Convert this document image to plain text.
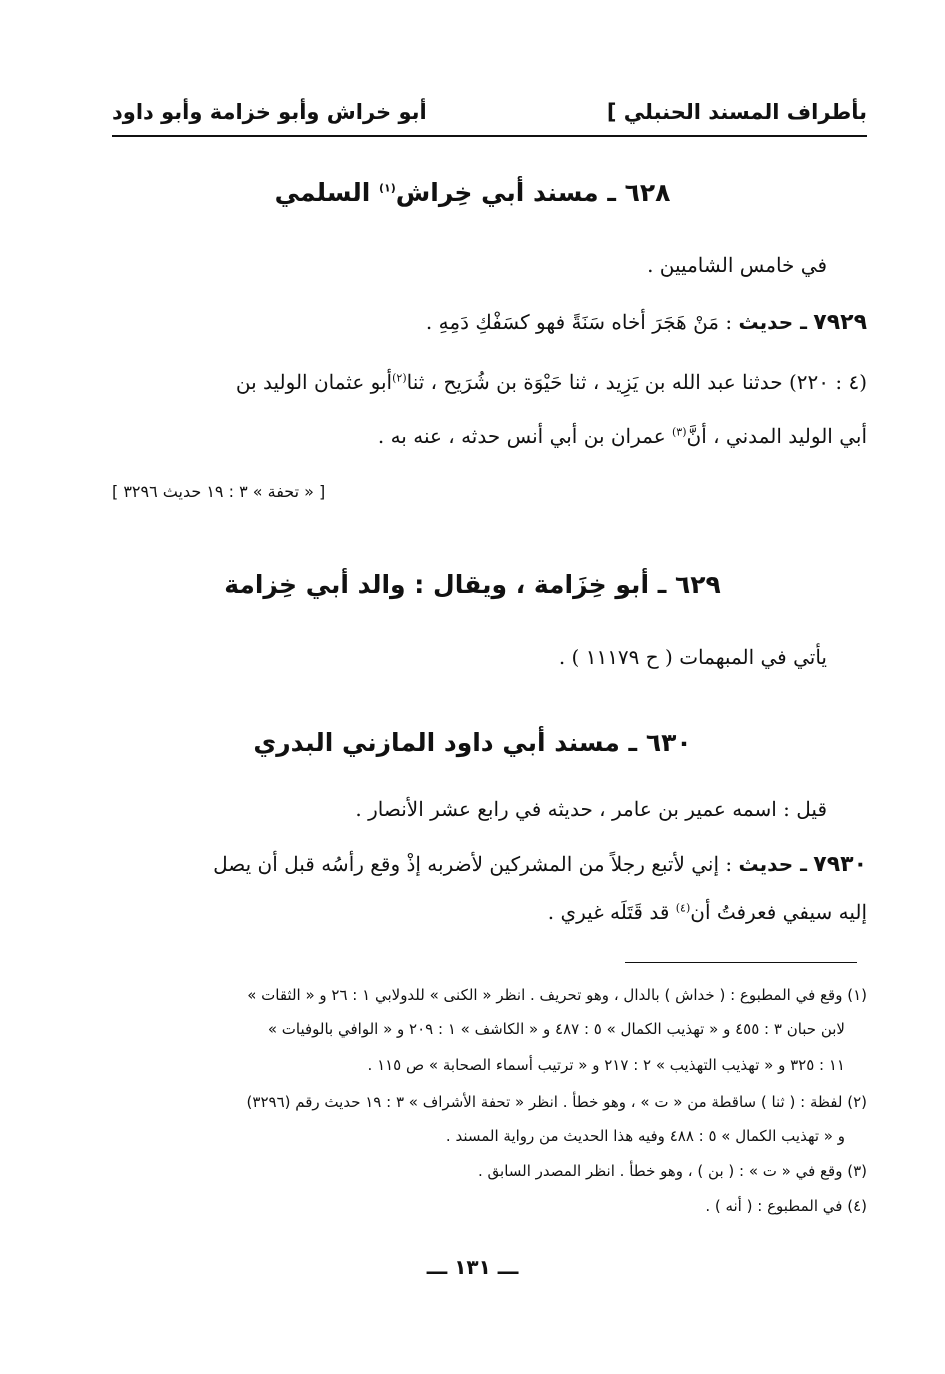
بأطراف المسند الحنبلي ]
أبو خراش وأبو خزامة وأبو داود
٦٢٨ ـ مسند أبي خِراش$^{(١)}$ السلمي
في خامس الشاميين .
٧٩٢٩ ـ حديث : مَنْ هَجَرَ أخاه سَنَةً فهو كسَفْكِ دَمِهِ .
(٤ : ٢٢٠) حدثنا عبد الله بن يَزِيد ، ثنا حَيْوَة بن شُرَيح ، ثنا$^{(٢)}$أبو عثمان الوليد بن
أبي الوليد المدني ، أنَّ$^{(٣)}$ عمران بن أبي أنس حدثه ، عنه به .
[ « تحفة » ٣ : ١٩ حديث ٣٢٩٦ ]
٦٢٩ ـ أبو خِزَامة ، ويقال : والد أبي خِزامة
يأتي في المبهمات ( ح ١١١٧٩ ) .
٦٣٠ ـ مسند أبي داود المازني البدري
قيل : اسمه عمير بن عامر ، حديثه في رابع عشر الأنصار .
٧٩٣٠ ـ حديث : إني لأتبع رجلاً من المشركين لأضربه إذْ وقع رأسُه قبل أن يصل
إليه سيفي فعرفتُ أن$^{(٤)}$ قد قَتَلَه غيري .
(١) وقع في المطبوع : ( خداش ) بالدال ، وهو تحريف . انظر « الكنى » للدولابي ١ : ٢٦ و « الثقات »
لابن حبان ٣ : ٤٥٥ و « تهذيب الكمال » ٥ : ٤٨٧ و « الكاشف » ١ : ٢٠٩ و « الوافي بالوفيات »
١١ : ٣٢٥ و « تهذيب التهذيب » ٢ : ٢١٧ و « ترتيب أسماء الصحابة » ص ١١٥ .
(٢) لفظة : ( ثنا ) ساقطة من « ت » ، وهو خطأ . انظر « تحفة الأشراف » ٣ : ١٩ حديث رقم (٣٢٩٦)
و « تهذيب الكمال » ٥ : ٤٨٨ وفيه هذا الحديث من رواية المسند .
(٣) وقع في « ت » : ( بن ) ، وهو خطأ . انظر المصدر السابق .
(٤) في المطبوع : ( أنه ) .
ـــ ١٣١ ـــ
